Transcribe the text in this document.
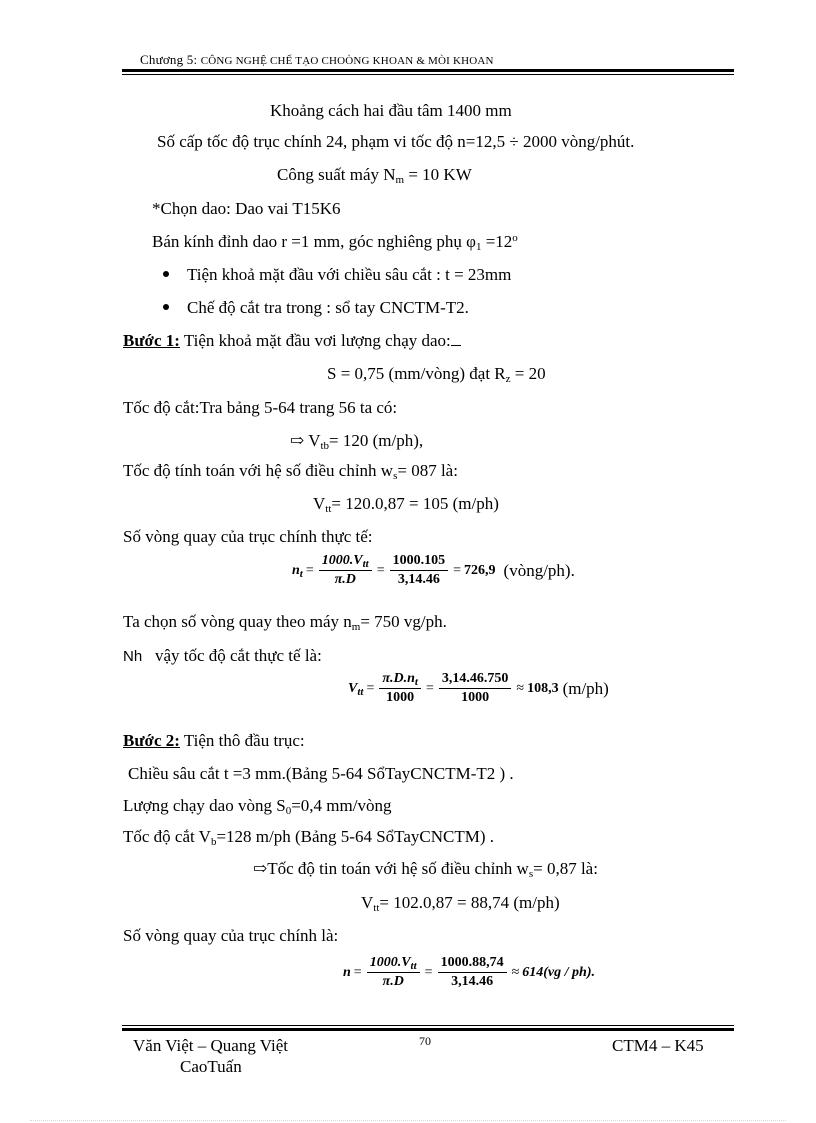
Chương 5: CÔNG NGHỆ CHẾ TẠO CHOÒNG KHOAN & MÒI KHOAN
Khoảng cách hai đầu tâm 1400 mm
Số cấp tốc độ trục chính 24, phạm vi tốc độ n=12,5 ÷ 2000 vòng/phút.
Công suất máy $N_m = 10$ KW
*Chọn dao: Dao vai T15K6
Bán kính đỉnh dao r =1 mm, góc nghiêng phụ $\varphi_1 =12^o$
Tiện khoả mặt đầu với chiều sâu cắt : t = 23mm
Chế độ cắt tra trong : sổ tay CNCTM-T2.
Bước 1: Tiện khoả mặt đầu vơi lượng chạy dao:
S = 0,75 (mm/vòng) đạt $R_z = 20$
Tốc độ cắt:Tra bảng 5-64 trang 56 ta có:
⇨ $V_{tb}= 120$ (m/ph),
Tốc độ tính toán với hệ số điều chỉnh $w_s= 087$ là:
$V_{tt}= 120.0,87 = 105$ (m/ph)
Số vòng quay của trục chính thực tế:
$n_t = \frac{1000.V_{tt}}{\pi.D} = \frac{1000.105}{3,14.46} = 726,9$ (vòng/ph).
Ta chọn số vòng quay theo máy $n_m= 750$ vg/ph.
Nh vậy tốc độ cắt thực tế là:
$V_{tt} = \frac{\pi.D.n_t}{1000} = \frac{3,14.46.750}{1000} \approx 108,3$ (m/ph)
Bước 2: Tiện thô đầu trục:
Chiều sâu cắt t =3 mm.(Bảng 5-64 SổTayCNCTM-T2 ) .
Lượng chạy dao vòng $S_0=0,4$ mm/vòng
Tốc độ cắt $V_b=128$ m/ph (Bảng 5-64 SổTayCNCTM) .
⇨Tốc độ tin toán với hệ số điều chỉnh $w_s= 0,87$ là:
$V_{tt}= 102.0,87 = 88,74$ (m/ph)
Số vòng quay của trục chính là:
$n = \frac{1000.V_{tt}}{\pi.D} = \frac{1000.88,74}{3,14.46} \approx 614(vg / ph)$.
Văn Việt – Quang Việt
CaoTuấn
70	CTM4 – K45
